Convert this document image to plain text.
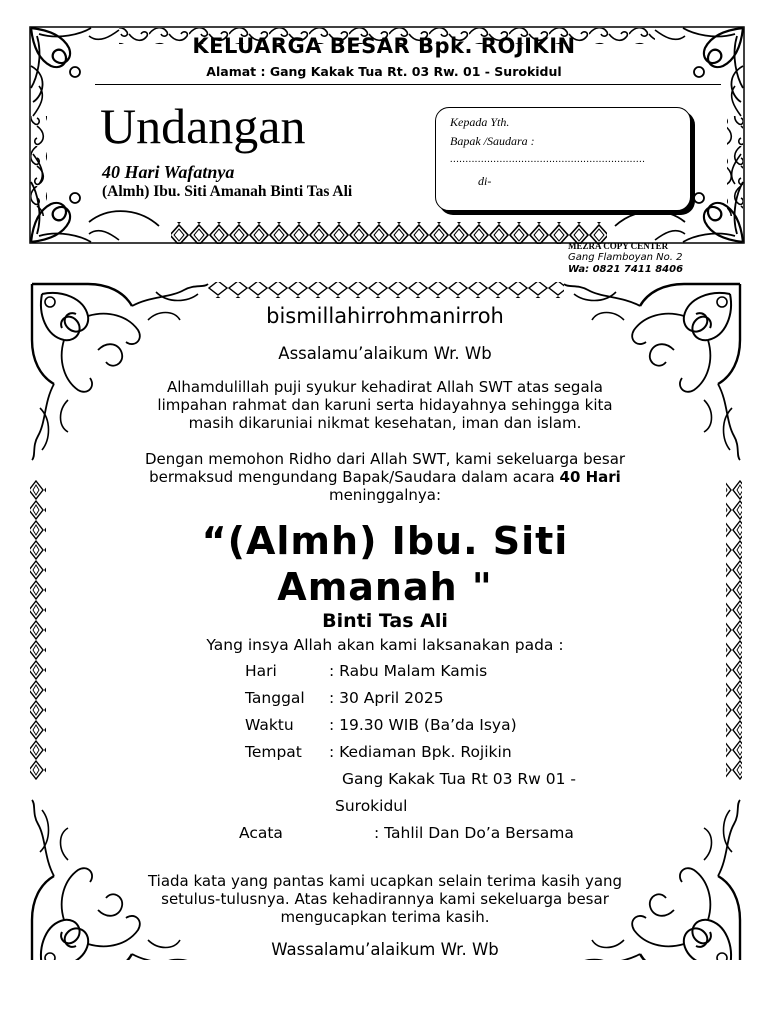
KELUARGA BESAR Bpk. ROJIKIN
Alamat : Gang Kakak Tua Rt. 03 Rw. 01 - Surokidul
Undangan
40 Hari Wafatnya
(Almh) Ibu. Siti Amanah Binti Tas Ali
Kepada Yth.
Bapak /Saudara :
...............................................................
di-
MEZRA COPY CENTER
Gang Flamboyan No. 2
Wa: 0821 7411 8406
bismillahirrohmanirroh
Assalamu’alaikum Wr. Wb
Alhamdulillah puji syukur kehadirat Allah SWT atas segala
limpahan rahmat dan karuni serta hidayahnya sehingga kita
masih dikaruniai nikmat kesehatan, iman dan islam.
Dengan memohon Ridho dari Allah SWT, kami sekeluarga besar
bermaksud mengundang Bapak/Saudara dalam acara 40 Hari
meninggalnya:
“(Almh) Ibu. Siti
Amanah "
Binti Tas Ali
Yang insya Allah akan kami laksanakan pada :
Hari	: Rabu Malam Kamis
Tanggal : 30 April 2025
Waktu : 19.30 WIB (Ba’da Isya)
Tempat : Kediaman Bpk. Rojikin
Gang Kakak Tua Rt 03 Rw 01 -
Surokidul
Acata	: Tahlil Dan Do’a Bersama
Tiada kata yang pantas kami ucapkan selain terima kasih yang
setulus-tulusnya. Atas kehadirannya kami sekeluarga besar
mengucapkan terima kasih.
Wassalamu’alaikum Wr. Wb
